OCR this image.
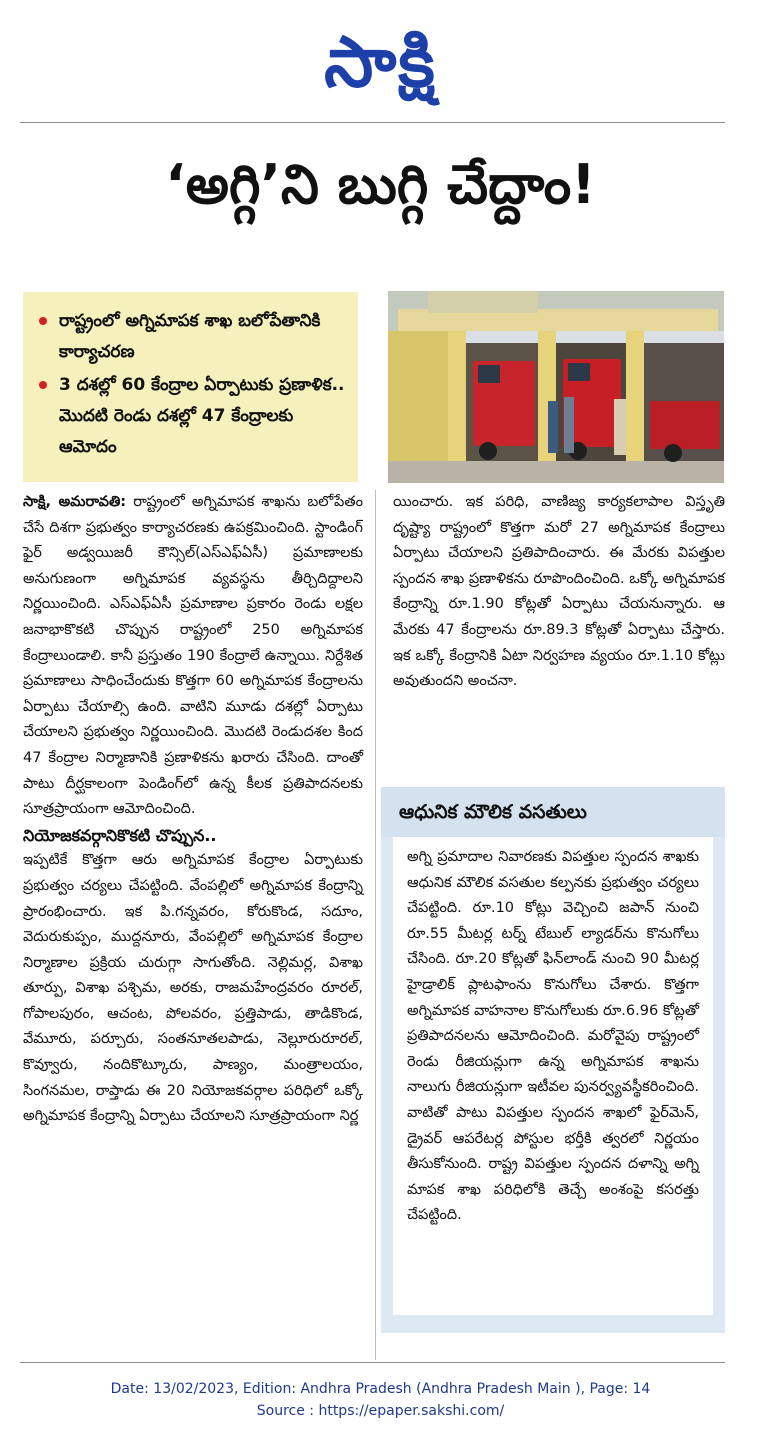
సాక్షి
‘అగ్గి’ని బుగ్గి చేద్దాం!
రాష్ట్రంలో అగ్నిమాపక శాఖ బలోపేతానికి కార్యాచరణ
3 దశల్లో 60 కేంద్రాల ఏర్పాటుకు ప్రణాళిక.. మొదటి రెండు దశల్లో 47 కేంద్రాలకు ఆమోదం

సాక్షి, అమరావతి: రాష్ట్రంలో అగ్నిమాపక శాఖను బలోపేతం చేసే దిశగా ప్రభుత్వం కార్యాచరణకు ఉపక్రమించింది. స్టాండింగ్ ఫైర్ అడ్వయిజరీ కౌన్సిల్(ఎస్ఎఫ్ఏసీ) ప్రమాణాలకు అనుగుణంగా అగ్నిమాపక వ్యవస్థను తీర్చిదిద్దాలని నిర్ణయించింది. ఎస్ఎఫ్ఏసీ ప్రమాణాల ప్రకారం రెండు లక్షల జనాభాకొకటి చొప్పున రాష్ట్రంలో 250 అగ్నిమాపక కేంద్రాలుండాలి. కానీ ప్రస్తుతం 190 కేంద్రాలే ఉన్నాయి. నిర్దేశిత ప్రమాణాలు సాధించేందుకు కొత్తగా 60 అగ్నిమాపక కేంద్రాలను ఏర్పాటు చేయాల్సి ఉంది. వాటిని మూడు దశల్లో ఏర్పాటు చేయాలని ప్రభుత్వం నిర్ణయించింది. మొదటి రెండుదశల కింద 47 కేంద్రాల నిర్మాణానికి ప్రణాళికను ఖరారు చేసింది. దాంతో పాటు దీర్ఘకాలంగా పెండింగ్‌లో ఉన్న కీలక ప్రతిపాదనలకు సూత్రప్రాయంగా ఆమోదించింది.

నియోజకవర్గానికొకటి చొప్పున..

ఇప్పటికే కొత్తగా ఆరు అగ్నిమాపక కేంద్రాల ఏర్పాటుకు ప్రభుత్వం చర్యలు చేపట్టింది. వేంపల్లిలో అగ్నిమాపక కేంద్రాన్ని ప్రారంభించారు. ఇక పి.గన్నవరం, కోరుకొండ, సదూం, వెదురుకుప్పం, ముద్దనూరు, వేంపల్లిలో అగ్నిమాపక కేంద్రాల నిర్మాణాల ప్రక్రియ చురుగ్గా సాగుతోంది. నెల్లిమర్ల, విశాఖ తూర్పు, విశాఖ పశ్చిమ, అరకు, రాజమహేంద్రవరం రూరల్, గోపాలపురం, ఆచంట, పోలవరం, ప్రత్తిపాడు, తాడికొండ, వేమూరు, పర్చూరు, సంతనూతలపాడు, నెల్లూరురూరల్, కొవ్వూరు, నందికొట్కూరు, పాణ్యం, మంత్రాలయం, సింగనమల, రాప్తాడు ఈ 20 నియోజకవర్గాల పరిధిలో ఒక్కో అగ్నిమాపక కేంద్రాన్ని ఏర్పాటు చేయాలని సూత్రప్రాయంగా నిర్ణ

యించారు. ఇక పరిధి, వాణిజ్య కార్యకలాపాల విస్తృతి దృష్ట్యా రాష్ట్రంలో కొత్తగా మరో 27 అగ్నిమాపక కేంద్రాలు ఏర్పాటు చేయాలని ప్రతిపాదించారు. ఈ మేరకు విపత్తుల స్పందన శాఖ ప్రణాళికను రూపొందించింది. ఒక్కో అగ్నిమాపక కేంద్రాన్ని రూ.1.90 కోట్లతో ఏర్పాటు చేయనున్నారు. ఆ మేరకు 47 కేంద్రాలను రూ.89.3 కోట్లతో ఏర్పాటు చేస్తారు. ఇక ఒక్కో కేంద్రానికి ఏటా నిర్వహణ వ్యయం రూ.1.10 కోట్లు అవుతుందని అంచనా.

ఆధునిక మౌలిక వసతులు
అగ్ని ప్రమాదాల నివారణకు విపత్తుల స్పందన శాఖకు ఆధునిక మౌలిక వసతుల కల్పనకు ప్రభుత్వం చర్యలు చేపట్టింది. రూ.10 కోట్లు వెచ్చించి జపాన్ నుంచి రూ.55 మీటర్ల టర్న్ టేబుల్ ల్యాడర్‌ను కొనుగోలు చేసింది. రూ.20 కోట్లతో ఫిన్‌లాండ్ నుంచి 90 మీటర్ల హైడ్రాలిక్ ప్లాటఫాంను కొనుగోలు చేశారు. కొత్తగా అగ్నిమాపక వాహనాల కొనుగోలుకు రూ.6.96 కోట్లతో ప్రతిపాదనలను ఆమోదించింది. మరోవైపు రాష్ట్రంలో రెండు రీజియన్లుగా ఉన్న అగ్నిమాపక శాఖను నాలుగు రీజియన్లుగా ఇటీవల పునర్వ్యవస్థీకరించింది. వాటితో పాటు విపత్తుల స్పందన శాఖలో ఫైర్‌మెన్, డ్రైవర్ ఆపరేటర్ల పోస్టుల భర్తీకి త్వరలో నిర్ణయం తీసుకోనుంది. రాష్ట్ర విపత్తుల స్పందన దళాన్ని అగ్ని మాపక శాఖ పరిధిలోకి తెచ్చే అంశంపై కసరత్తు చేపట్టింది.
Date: 13/02/2023, Edition: Andhra Pradesh (Andhra Pradesh Main ), Page: 14
Source : https://epaper.sakshi.com/
